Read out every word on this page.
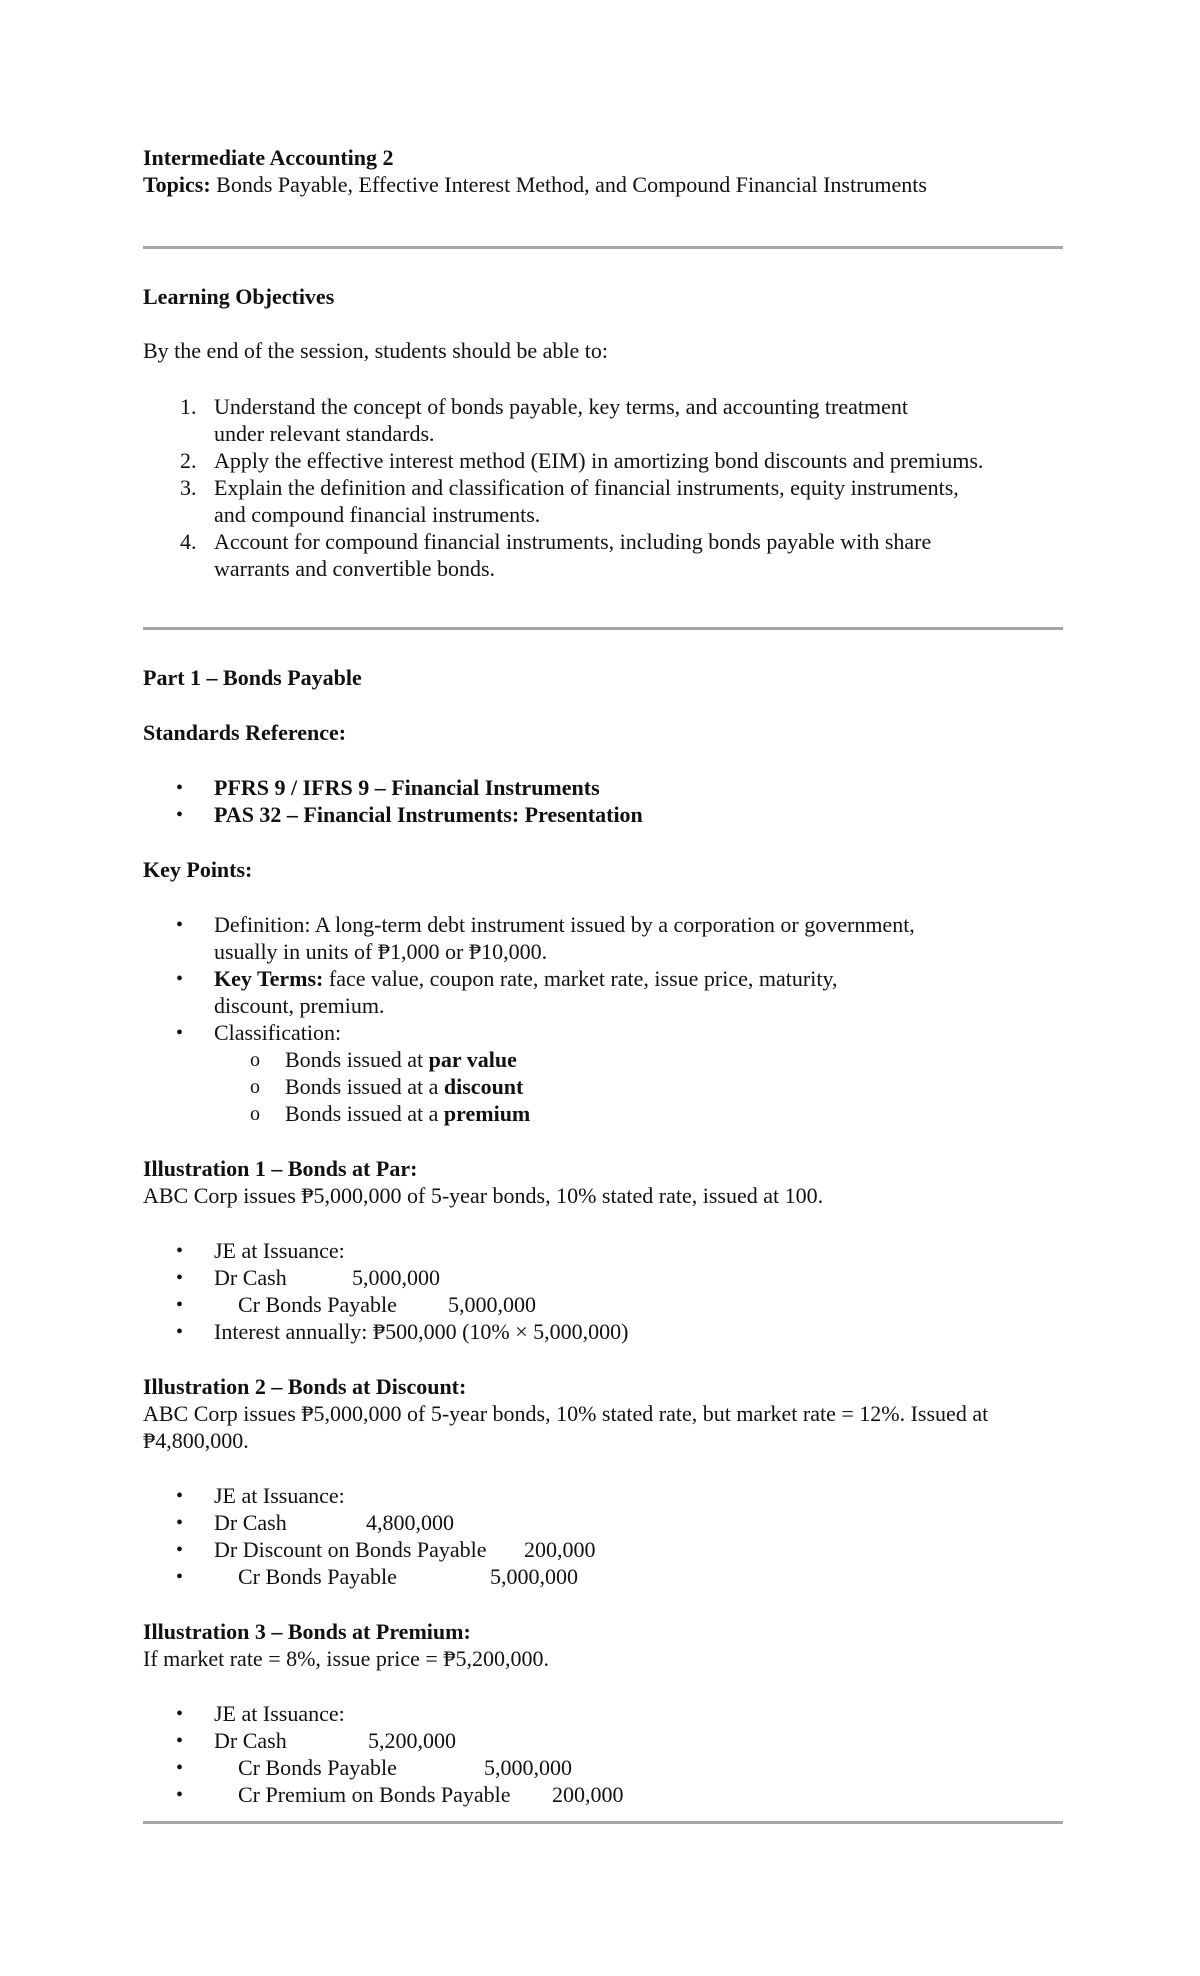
Intermediate Accounting 2
Topics: Bonds Payable, Effective Interest Method, and Compound Financial Instruments
Learning Objectives
By the end of the session, students should be able to:
1. Understand the concept of bonds payable, key terms, and accounting treatment
under relevant standards.
2. Apply the effective interest method (EIM) in amortizing bond discounts and premiums.
3. Explain the definition and classification of financial instruments, equity instruments,
and compound financial instruments.
4. Account for compound financial instruments, including bonds payable with share
warrants and convertible bonds.
Part 1 – Bonds Payable
Standards Reference:
• PFRS 9 / IFRS 9 – Financial Instruments
• PAS 32 – Financial Instruments: Presentation
Key Points:
• Definition: A long-term debt instrument issued by a corporation or government,
usually in units of ₱1,000 or ₱10,000.
• Key Terms: face value, coupon rate, market rate, issue price, maturity,
discount, premium.
• Classification:
o Bonds issued at par value
o Bonds issued at a discount
o Bonds issued at a premium
Illustration 1 – Bonds at Par:
ABC Corp issues ₱5,000,000 of 5-year bonds, 10% stated rate, issued at 100.
• JE at Issuance:
• Dr Cash	5,000,000
• Cr Bonds Payable 5,000,000
• Interest annually: ₱500,000 (10% × 5,000,000)
Illustration 2 – Bonds at Discount:
ABC Corp issues ₱5,000,000 of 5-year bonds, 10% stated rate, but market rate = 12%. Issued at
₱4,800,000.
• JE at Issuance:
• Dr Cash	4,800,000
• Dr Discount on Bonds Payable 200,000
• Cr Bonds Payable	5,000,000
Illustration 3 – Bonds at Premium:
If market rate = 8%, issue price = ₱5,200,000.
• JE at Issuance:
• Dr Cash	5,200,000
• Cr Bonds Payable	5,000,000
• Cr Premium on Bonds Payable 200,000
